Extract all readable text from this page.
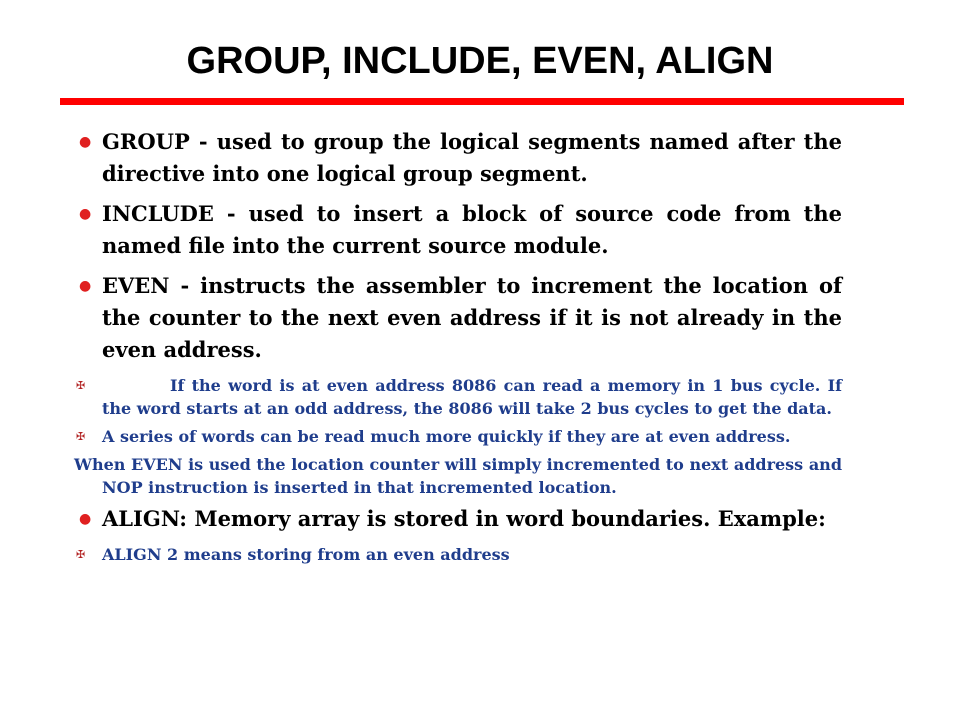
GROUP, INCLUDE, EVEN, ALIGN
● GROUP - used to group the logical segments named after the directive into one logical group segment.
● INCLUDE - used to insert a block of source code from the named file into the current source module.
● EVEN - instructs the assembler to increment the location of the counter to the next even address if it is not already in the even address.
✠	If the word is at even address 8086 can read a memory in 1 bus cycle. If the word starts at an odd address, the 8086 will take 2 bus cycles to get the data.
✠ A series of words can be read much more quickly if they are at even address.
When EVEN is used the location counter will simply incremented to next address and NOP instruction is inserted in that incremented location.
● ALIGN: Memory array is stored in word boundaries. Example:
✠ ALIGN 2 means storing from an even address
